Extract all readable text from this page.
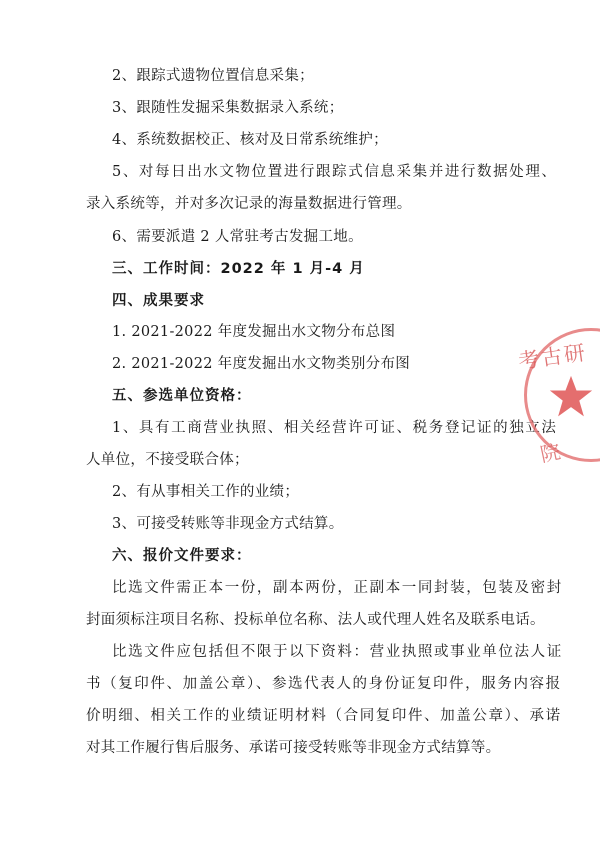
2、跟踪式遗物位置信息采集；
3、跟随性发掘采集数据录入系统；
4、系统数据校正、核对及日常系统维护；
5、对每日出水文物位置进行跟踪式信息采集并进行数据处理、
录入系统等，并对多次记录的海量数据进行管理。
6、需要派遣 2 人常驻考古发掘工地。
三、工作时间：2022 年 1 月-4 月
四、成果要求
1. 2021-2022 年度发掘出水文物分布总图
2. 2021-2022 年度发掘出水文物类别分布图
五、参选单位资格：
1、具有工商营业执照、相关经营许可证、税务登记证的独立法
人单位，不接受联合体；
2、有从事相关工作的业绩；
3、可接受转账等非现金方式结算。
六、报价文件要求：
比选文件需正本一份，副本两份，正副本一同封装，包装及密封
封面须标注项目名称、投标单位名称、法人或代理人姓名及联系电话。
比选文件应包括但不限于以下资料：营业执照或事业单位法人证
书（复印件、加盖公章）、参选代表人的身份证复印件，服务内容报
价明细、相关工作的业绩证明材料（合同复印件、加盖公章）、承诺
对其工作履行售后服务、承诺可接受转账等非现金方式结算等。
考古研
院
